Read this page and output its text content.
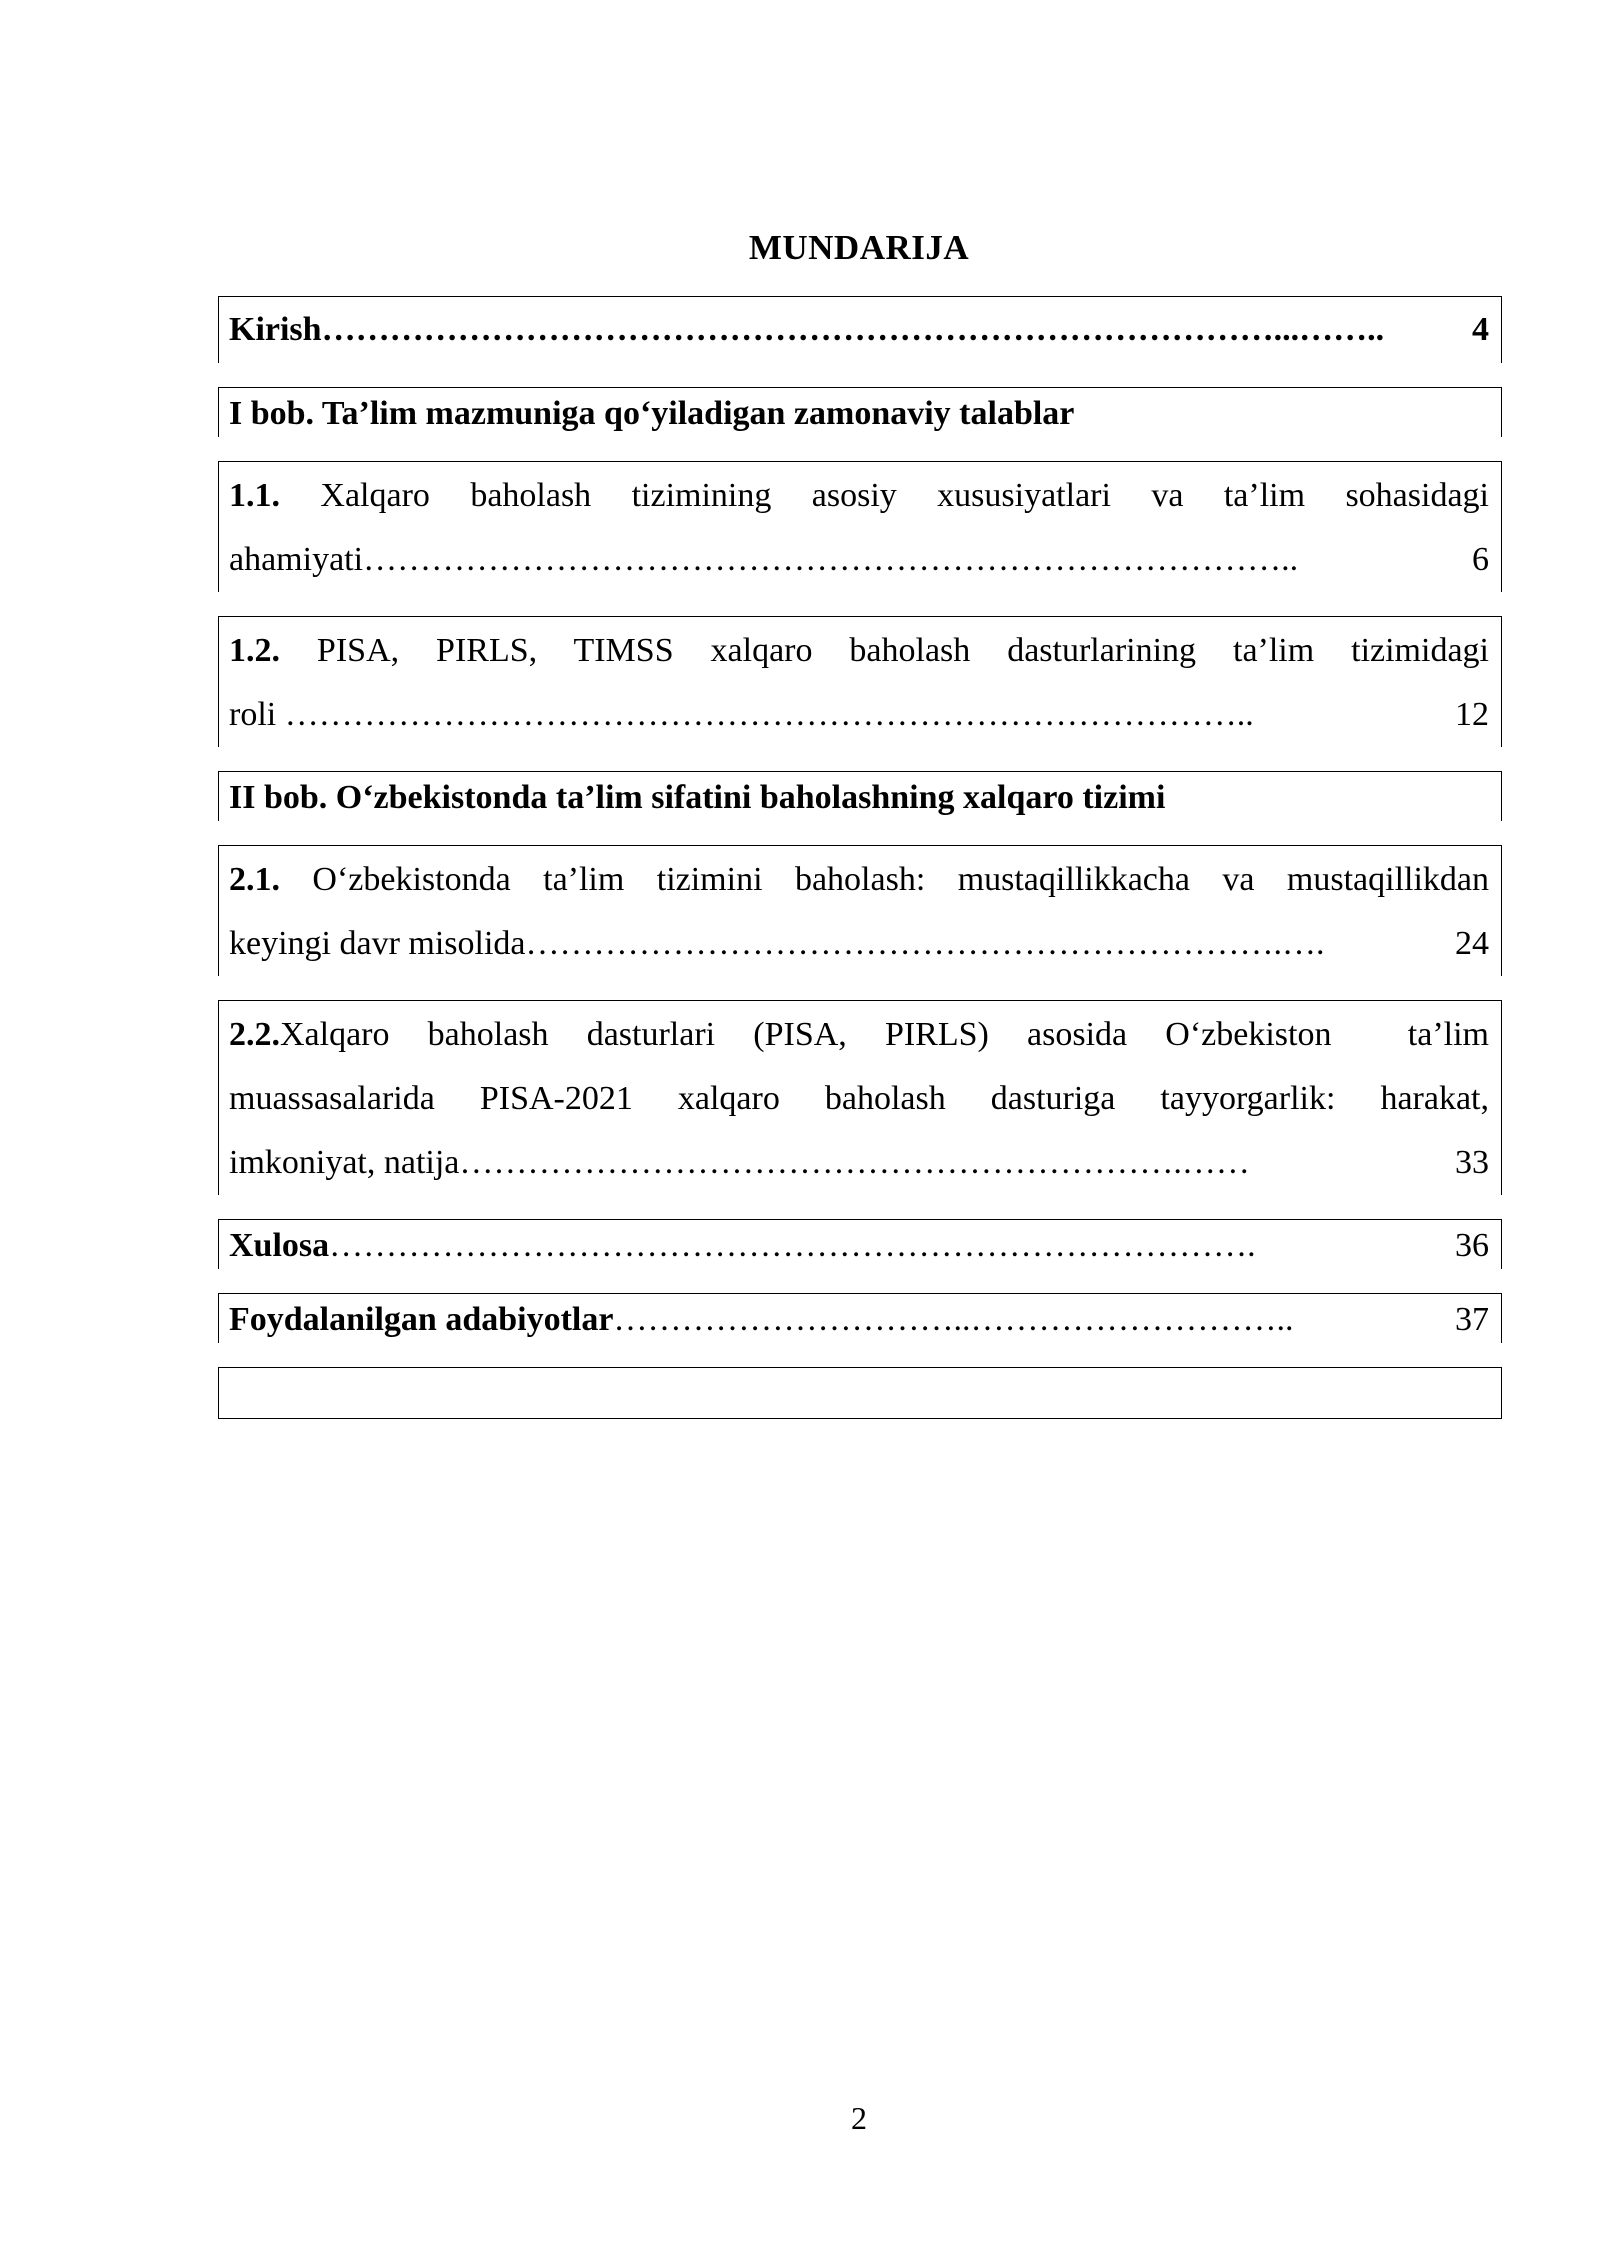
MUNDARIJA
Kirish …………………………………………………………………………...……..	4
I bob. Ta’lim mazmuniga qo‘yiladigan zamonaviy talablar
1.1. Xalqaro baholash tizimining asosiy xususiyatlari va ta’lim sohasidagi
ahamiyati ………………………………………………………………………..	6
1.2. PISA, PIRLS, TIMSS xalqaro baholash dasturlarining ta’lim tizimidagi
roli …………………………………………………………………………..	12
II bob. O‘zbekistonda ta’lim sifatini baholashning xalqaro tizimi
2.1. O‘zbekistonda ta’lim tizimini baholash: mustaqillikkacha va mustaqillikdan
keyingi davr misolida ………………………………………………………….….	24
2.2.Xalqaro baholash dasturlari (PISA, PIRLS) asosida O‘zbekiston  ta’lim
muassasalarida PISA-2021 xalqaro baholash dasturiga tayyorgarlik: harakat,
imkoniyat, natija ……………………………………………………….……	33
Xulosa ……………………………………………………………………….	36
Foydalanilgan adabiyotlar …………………………..………………………..	37
2
